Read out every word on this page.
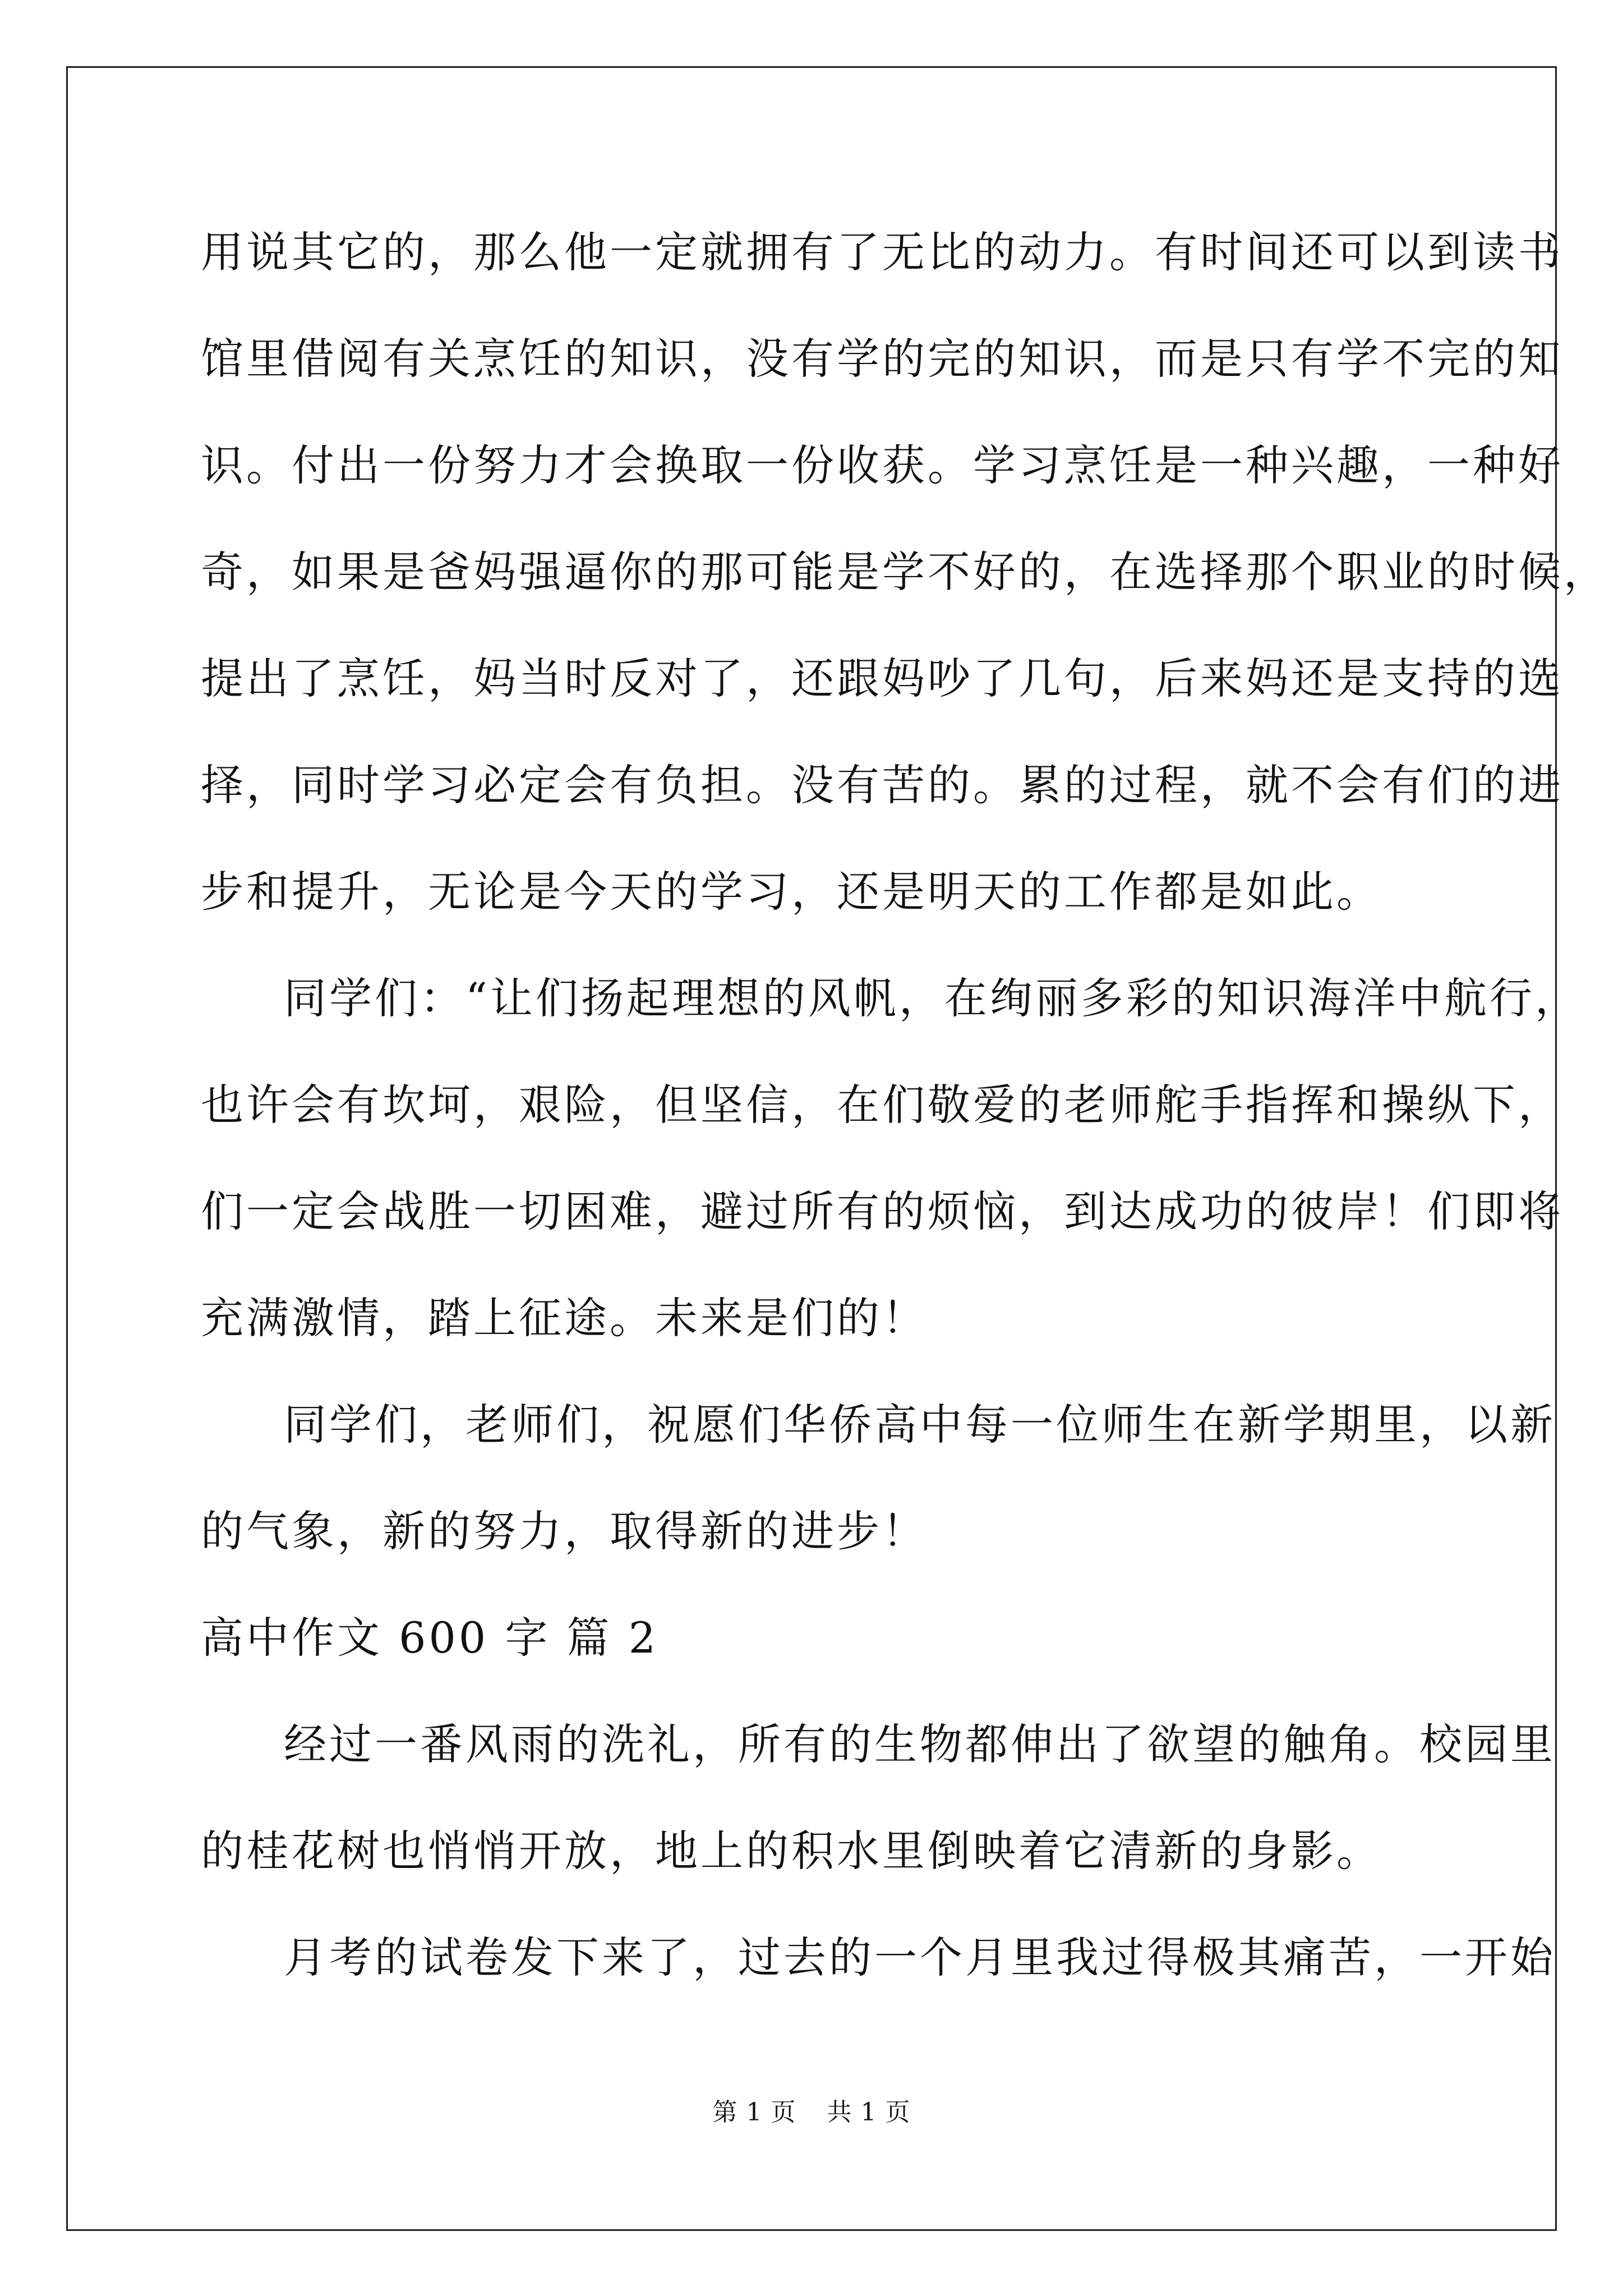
用说其它的，那么他一定就拥有了无比的动力。有时间还可以到读书
馆里借阅有关烹饪的知识，没有学的完的知识，而是只有学不完的知
识。付出一份努力才会换取一份收获。学习烹饪是一种兴趣，一种好
奇，如果是爸妈强逼你的那可能是学不好的，在选择那个职业的时候，
提出了烹饪，妈当时反对了，还跟妈吵了几句，后来妈还是支持的选
择，同时学习必定会有负担。没有苦的。累的过程，就不会有们的进
步和提升，无论是今天的学习，还是明天的工作都是如此。
同学们：“让们扬起理想的风帆，在绚丽多彩的知识海洋中航行，
也许会有坎坷，艰险，但坚信，在们敬爱的老师舵手指挥和操纵下，
们一定会战胜一切困难，避过所有的烦恼，到达成功的彼岸！们即将
充满激情，踏上征途。未来是们的！
同学们，老师们，祝愿们华侨高中每一位师生在新学期里，以新
的气象，新的努力，取得新的进步！
高中作文 600 字 篇 2
经过一番风雨的洗礼，所有的生物都伸出了欲望的触角。校园里
的桂花树也悄悄开放，地上的积水里倒映着它清新的身影。
月考的试卷发下来了，过去的一个月里我过得极其痛苦，一开始
第 1 页 共 1 页
